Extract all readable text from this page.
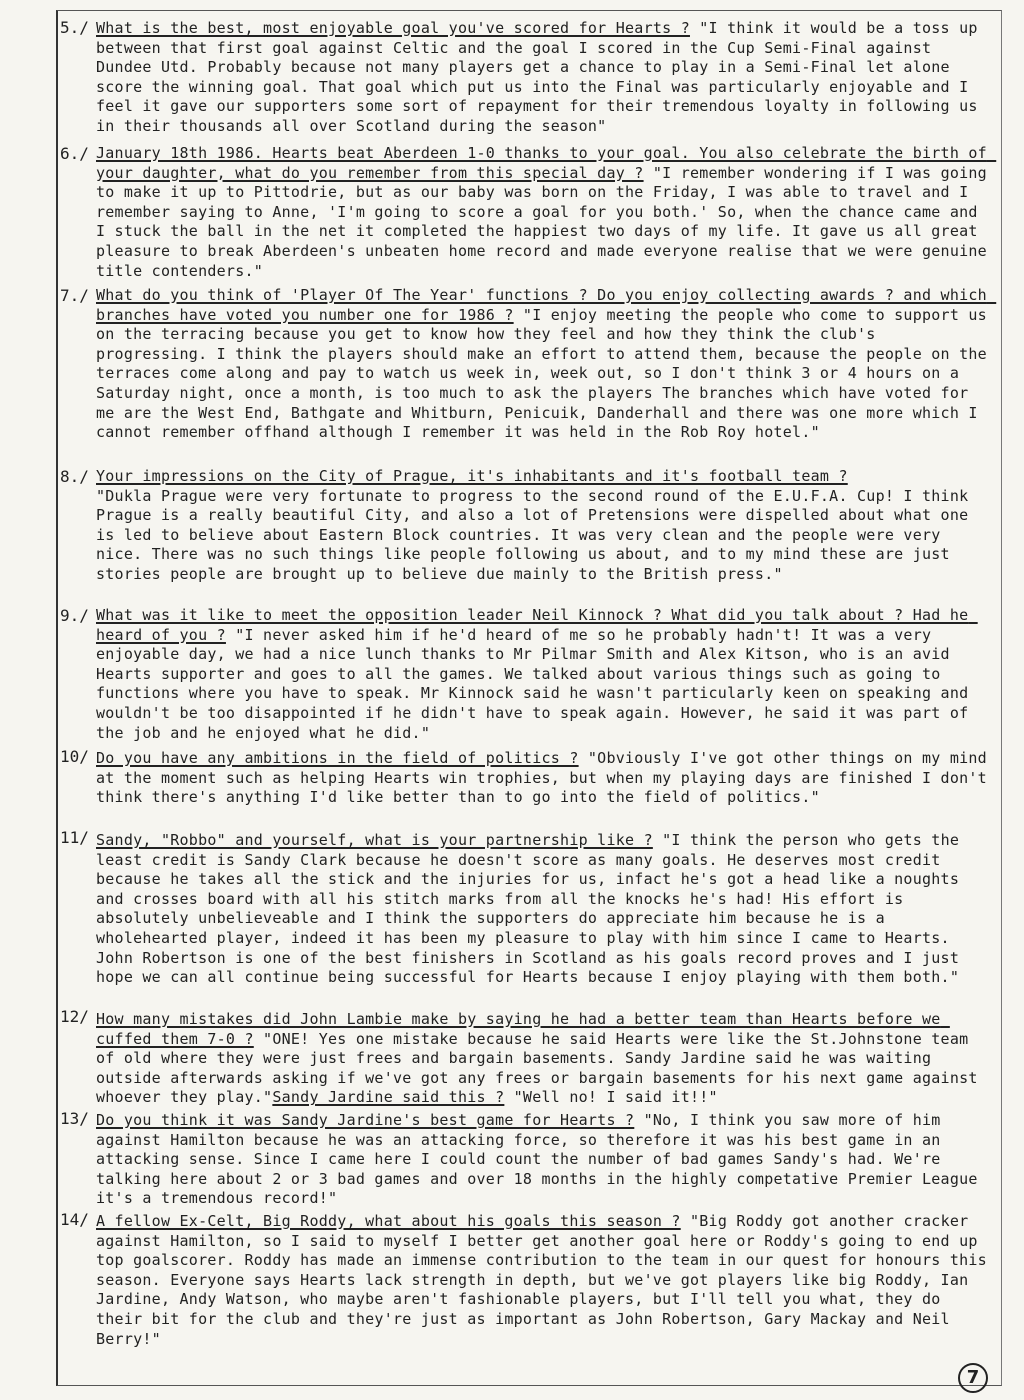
5./ What is the best, most enjoyable goal you've scored for Hearts ? "I think it would be a toss up between that first goal against Celtic and the goal I scored in the Cup Semi-Final against Dundee Utd. Probably because not many players get a chance to play in a Semi-Final let alone score the winning goal. That goal which put us into the Final was particularly enjoyable and I feel it gave our supporters some sort of repayment for their tremendous loyalty in following us in their thousands all over Scotland during the season"
6./ January 18th 1986. Hearts beat Aberdeen 1-0 thanks to your goal. You also celebrate the birth of your daughter, what do you remember from this special day ? "I remember wondering if I was going to make it up to Pittodrie, but as our baby was born on the Friday, I was able to travel and I remember saying to Anne, 'I'm going to score a goal for you both.' So, when the chance came and I stuck the ball in the net it completed the happiest two days of my life. It gave us all great pleasure to break Aberdeen's unbeaten home record and made everyone realise that we were genuine title contenders."
7./ What do you think of 'Player Of The Year' functions ? Do you enjoy collecting awards ? and which branches have voted you number one for 1986 ? "I enjoy meeting the people who come to support us on the terracing because you get to know how they feel and how they think the club's progressing. I think the players should make an effort to attend them, because the people on the terraces come along and pay to watch us week in, week out, so I don't think 3 or 4 hours on a Saturday night, once a month, is too much to ask the players The branches which have voted for me are the West End, Bathgate and Whitburn, Penicuik, Danderhall and there was one more which I cannot remember offhand although I remember it was held in the Rob Roy hotel."
8./ Your impressions on the City of Prague, it's inhabitants and it's football team ?
"Dukla Prague were very fortunate to progress to the second round of the E.U.F.A. Cup! I think Prague is a really beautiful City, and also a lot of Pretensions were dispelled about what one is led to believe about Eastern Block countries. It was very clean and the people were very nice. There was no such things like people following us about, and to my mind these are just stories people are brought up to believe due mainly to the British press."
9./ What was it like to meet the opposition leader Neil Kinnock ? What did you talk about ? Had he heard of you ? "I never asked him if he'd heard of me so he probably hadn't! It was a very enjoyable day, we had a nice lunch thanks to Mr Pilmar Smith and Alex Kitson, who is an avid Hearts supporter and goes to all the games. We talked about various things such as going to functions where you have to speak. Mr Kinnock said he wasn't particularly keen on speaking and wouldn't be too disappointed if he didn't have to speak again. However, he said it was part of the job and he enjoyed what he did."
10/ Do you have any ambitions in the field of politics ? "Obviously I've got other things on my mind at the moment such as helping Hearts win trophies, but when my playing days are finished I don't think there's anything I'd like better than to go into the field of politics."
11/ Sandy, "Robbo" and yourself, what is your partnership like ? "I think the person who gets the least credit is Sandy Clark because he doesn't score as many goals. He deserves most credit because he takes all the stick and the injuries for us, infact he's got a head like a noughts and crosses board with all his stitch marks from all the knocks he's had! His effort is absolutely unbelieveable and I think the supporters do appreciate him because he is a wholehearted player, indeed it has been my pleasure to play with him since I came to Hearts. John Robertson is one of the best finishers in Scotland as his goals record proves and I just hope we can all continue being successful for Hearts because I enjoy playing with them both."
12/ How many mistakes did John Lambie make by saying he had a better team than Hearts before we cuffed them 7-0 ? "ONE! Yes one mistake because he said Hearts were like the St.Johnstone team of old where they were just frees and bargain basements. Sandy Jardine said he was waiting outside afterwards asking if we've got any frees or bargain basements for his next game against whoever they play."Sandy Jardine said this ? "Well no! I said it!!"
13/ Do you think it was Sandy Jardine's best game for Hearts ? "No, I think you saw more of him against Hamilton because he was an attacking force, so therefore it was his best game in an attacking sense. Since I came here I could count the number of bad games Sandy's had. We're talking here about 2 or 3 bad games and over 18 months in the highly competative Premier League it's a tremendous record!"
14/ A fellow Ex-Celt, Big Roddy, what about his goals this season ? "Big Roddy got another cracker against Hamilton, so I said to myself I better get another goal here or Roddy's going to end up top goalscorer. Roddy has made an immense contribution to the team in our quest for honours this season. Everyone says Hearts lack strength in depth, but we've got players like big Roddy, Ian Jardine, Andy Watson, who maybe aren't fashionable players, but I'll tell you what, they do their bit for the club and they're just as important as John Robertson, Gary Mackay and Neil Berry!"
7
